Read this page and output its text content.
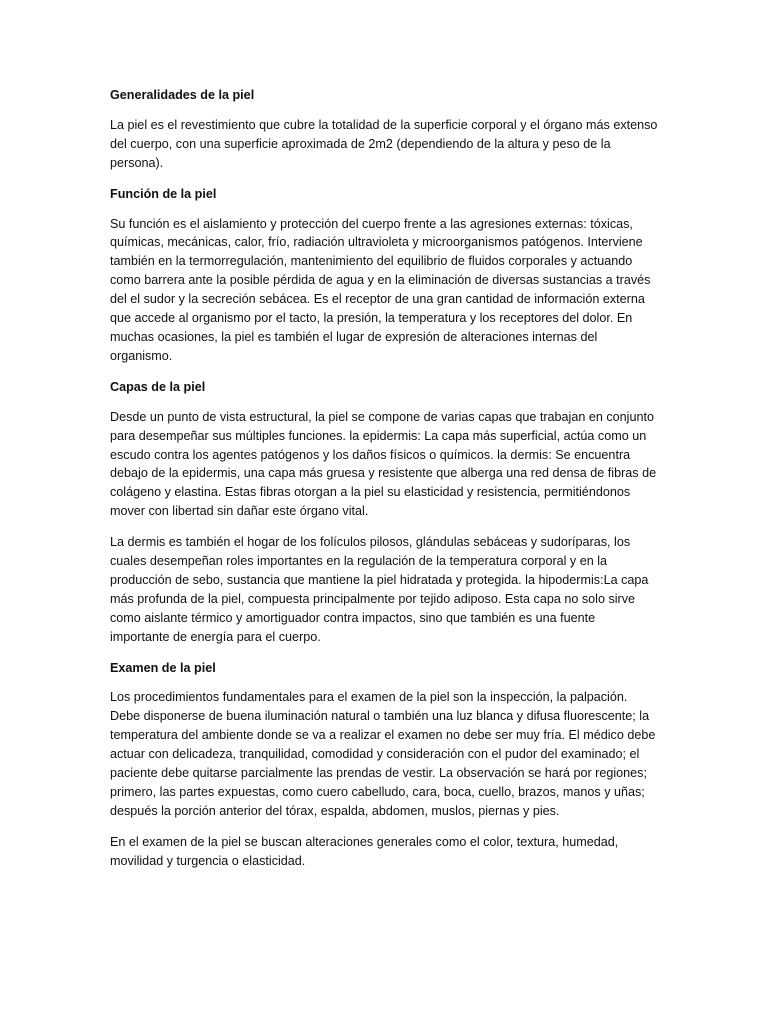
Generalidades de la piel
La piel es el revestimiento que cubre la totalidad de la superficie corporal y el órgano más extenso del cuerpo, con una superficie aproximada de 2m2 (dependiendo de la altura y peso de la persona).
Función de la piel
Su función es el aislamiento y protección del cuerpo frente a las agresiones externas: tóxicas, químicas, mecánicas, calor, frío, radiación ultravioleta y microorganismos patógenos. Interviene también en la termorregulación, mantenimiento del equilibrio de fluidos corporales y actuando como barrera ante la posible pérdida de agua y en la eliminación de diversas sustancias a través del el sudor y la secreción sebácea. Es el receptor de una gran cantidad de información externa que accede al organismo por el tacto, la presión, la temperatura y los receptores del dolor. En muchas ocasiones, la piel es también el lugar de expresión de alteraciones internas del organismo.
Capas de la piel
Desde un punto de vista estructural, la piel se compone de varias capas que trabajan en conjunto para desempeñar sus múltiples funciones. la epidermis: La capa más superficial, actúa como un escudo contra los agentes patógenos y los daños físicos o químicos. la dermis: Se encuentra debajo de la epidermis, una capa más gruesa y resistente que alberga una red densa de fibras de colágeno y elastina. Estas fibras otorgan a la piel su elasticidad y resistencia, permitiéndonos mover con libertad sin dañar este órgano vital.
La dermis es también el hogar de los folículos pilosos, glándulas sebáceas y sudoríparas, los cuales desempeñan roles importantes en la regulación de la temperatura corporal y en la producción de sebo, sustancia que mantiene la piel hidratada y protegida. la hipodermis:La capa más profunda de la piel, compuesta principalmente por tejido adiposo. Esta capa no solo sirve como aislante térmico y amortiguador contra impactos, sino que también es una fuente importante de energía para el cuerpo.
Examen de la piel
Los procedimientos fundamentales para el examen de la piel son la inspección, la palpación. Debe disponerse de buena iluminación natural o también una luz blanca y difusa fluorescente; la temperatura del ambiente donde se va a realizar el examen no debe ser muy fría. El médico debe actuar con delicadeza, tranquilidad, comodidad y consideración con el pudor del examinado; el paciente debe quitarse parcialmente las prendas de vestir. La observación se hará por regiones; primero, las partes expuestas, como cuero cabelludo, cara, boca, cuello, brazos, manos y uñas; después la porción anterior del tórax, espalda, abdomen, muslos, piernas y pies.
En el examen de la piel se buscan alteraciones generales como el color, textura, humedad, movilidad y turgencia o elasticidad.
